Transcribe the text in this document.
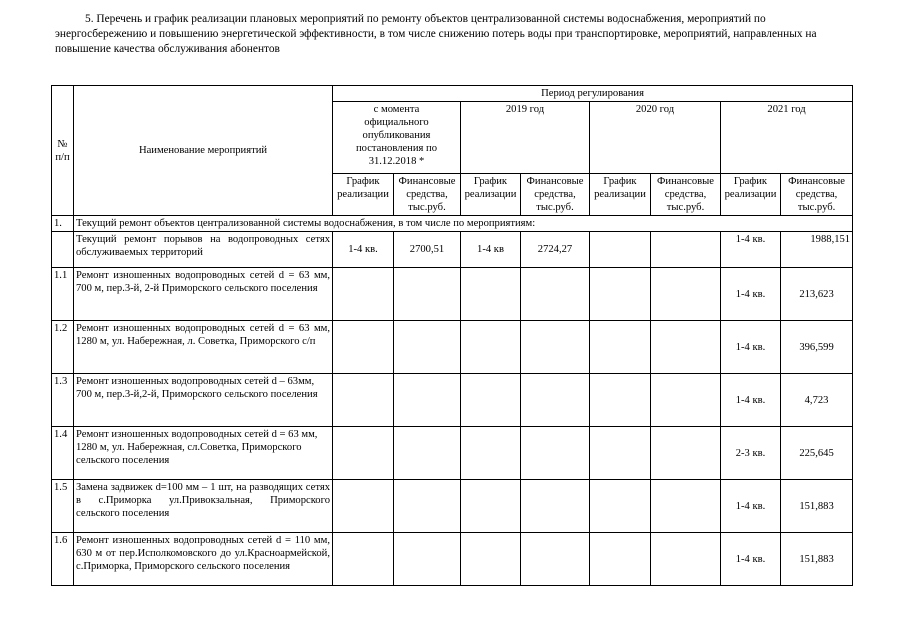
5. Перечень и график реализации плановых мероприятий по ремонту объектов централизованной системы водоснабжения, мероприятий по энергосбережению и повышению энергетической эффективности, в том числе снижению потерь воды при транспортировке, мероприятий, направленных на повышение качества обслуживания абонентов
№ п/п	Наименование мероприятий	Период регулирования							
		с момента официального опубликования постановления по 31.12.2018 *		2019 год		2020 год		2021 год	
		График реализации	Финансовые средства, тыс.руб.	График реализации	Финансовые средства, тыс.руб.	График реализации	Финансовые средства, тыс.руб.	График реализации	Финансовые средства, тыс.руб.
1.	Текущий ремонт объектов централизованной системы водоснабжения, в том числе по мероприятиям:								
	Текущий ремонт порывов на водопроводных сетях обслуживаемых территорий	1-4 кв.	2700,51	1-4 кв	2724,27			1-4 кв.	1988,151
1.1	Ремонт изношенных водопроводных сетей d = 63 мм, 700 м, пер.3-й, 2-й Приморского сельского поселения							1-4 кв.	213,623
1.2	Ремонт изношенных водопроводных сетей d = 63 мм, 1280 м, ул. Набережная, л. Советка, Приморского с/п							1-4 кв.	396,599
1.3	Ремонт изношенных водопроводных сетей d – 63мм, 700 м, пер.3-й,2-й, Приморского сельского поселения							1-4 кв.	4,723
1.4	Ремонт изношенных водопроводных сетей d = 63 мм, 1280 м, ул. Набережная, сл.Советка, Приморского сельского поселения							2-3 кв.	225,645
1.5	Замена задвижек d=100 мм – 1 шт, на разводящих сетях в с.Приморка ул.Привокзальная, Приморского сельского поселения							1-4 кв.	151,883
1.6	Ремонт изношенных водопроводных сетей d = 110 мм, 630 м от пер.Исполкомовского до ул.Красноармейской, с.Приморка, Приморского сельского поселения							1-4 кв.	151,883
